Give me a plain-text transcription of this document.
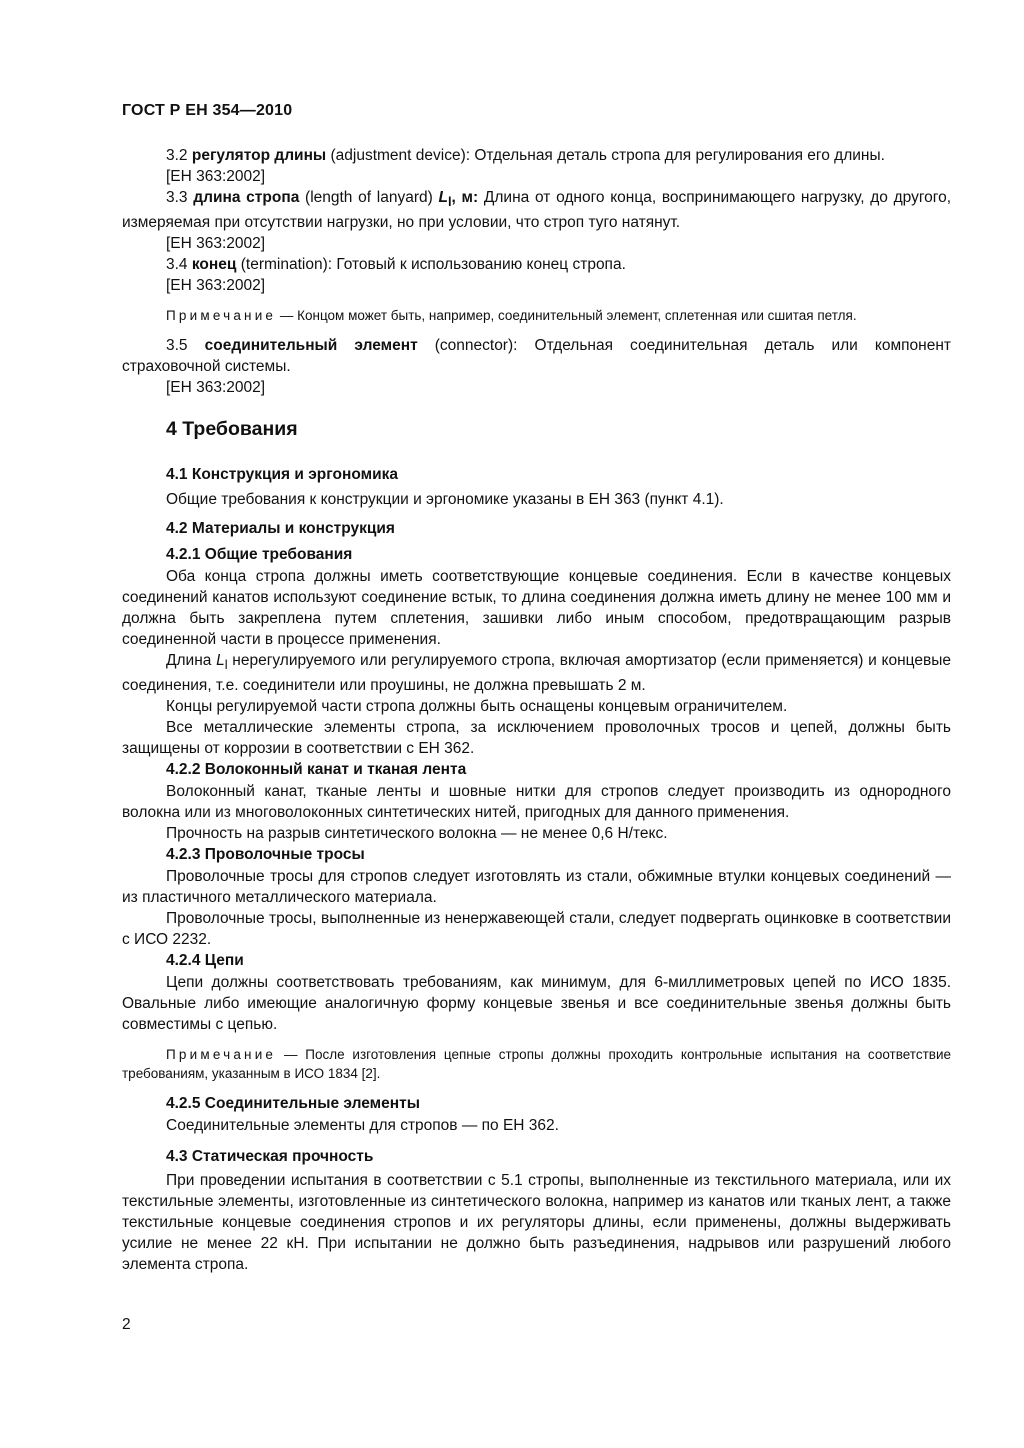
ГОСТ Р ЕН 354—2010

3.2 регулятор длины (adjustment device): Отдельная деталь стропа для регулирования его длины.

[ЕН 363:2002]

3.3 длина стропа (length of lanyard) $L_l$, м: Длина от одного конца, воспринимающего нагрузку, до другого, измеряемая при отсутствии нагрузки, но при условии, что строп туго натянут.

[ЕН 363:2002]

3.4 конец (termination): Готовый к использованию конец стропа.

[ЕН 363:2002]

Примечание — Концом может быть, например, соединительный элемент, сплетенная или сшитая петля.

3.5 соединительный элемент (connector): Отдельная соединительная деталь или компонент страховочной системы.

[ЕН 363:2002]

4 Требования
4.1 Конструкция и эргономика

Общие требования к конструкции и эргономике указаны в ЕН 363 (пункт 4.1).

4.2 Материалы и конструкция
4.2.1 Общие требования

Оба конца стропа должны иметь соответствующие концевые соединения. Если в качестве концевых соединений канатов используют соединение встык, то длина соединения должна иметь длину не менее 100 мм и должна быть закреплена путем сплетения, зашивки либо иным способом, предотвращающим разрыв соединенной части в процессе применения.

Длина $L_l$ нерегулируемого или регулируемого стропа, включая амортизатор (если применяется) и концевые соединения, т.е. соединители или проушины, не должна превышать 2 м.

Концы регулируемой части стропа должны быть оснащены концевым ограничителем.

Все металлические элементы стропа, за исключением проволочных тросов и цепей, должны быть защищены от коррозии в соответствии с ЕН 362.

4.2.2 Волоконный канат и тканая лента

Волоконный канат, тканые ленты и шовные нитки для стропов следует производить из однородного волокна или из многоволоконных синтетических нитей, пригодных для данного применения.

Прочность на разрыв синтетического волокна — не менее 0,6 Н/текс.

4.2.3 Проволочные тросы

Проволочные тросы для стропов следует изготовлять из стали, обжимные втулки концевых соединений — из пластичного металлического материала.

Проволочные тросы, выполненные из ненержавеющей стали, следует подвергать оцинковке в соответствии с ИСО 2232.

4.2.4 Цепи

Цепи должны соответствовать требованиям, как минимум, для 6-миллиметровых цепей по ИСО 1835. Овальные либо имеющие аналогичную форму концевые звенья и все соединительные звенья должны быть совместимы с цепью.

Примечание — После изготовления цепные стропы должны проходить контрольные испытания на соответствие требованиям, указанным в ИСО 1834 [2].

4.2.5 Соединительные элементы

Соединительные элементы для стропов — по ЕН 362.

4.3 Статическая прочность

При проведении испытания в соответствии с 5.1 стропы, выполненные из текстильного материала, или их текстильные элементы, изготовленные из синтетического волокна, например из канатов или тканых лент, а также текстильные концевые соединения стропов и их регуляторы длины, если применены, должны выдерживать усилие не менее 22 кН. При испытании не должно быть разъединения, надрывов или разрушений любого элемента стропа.

2
